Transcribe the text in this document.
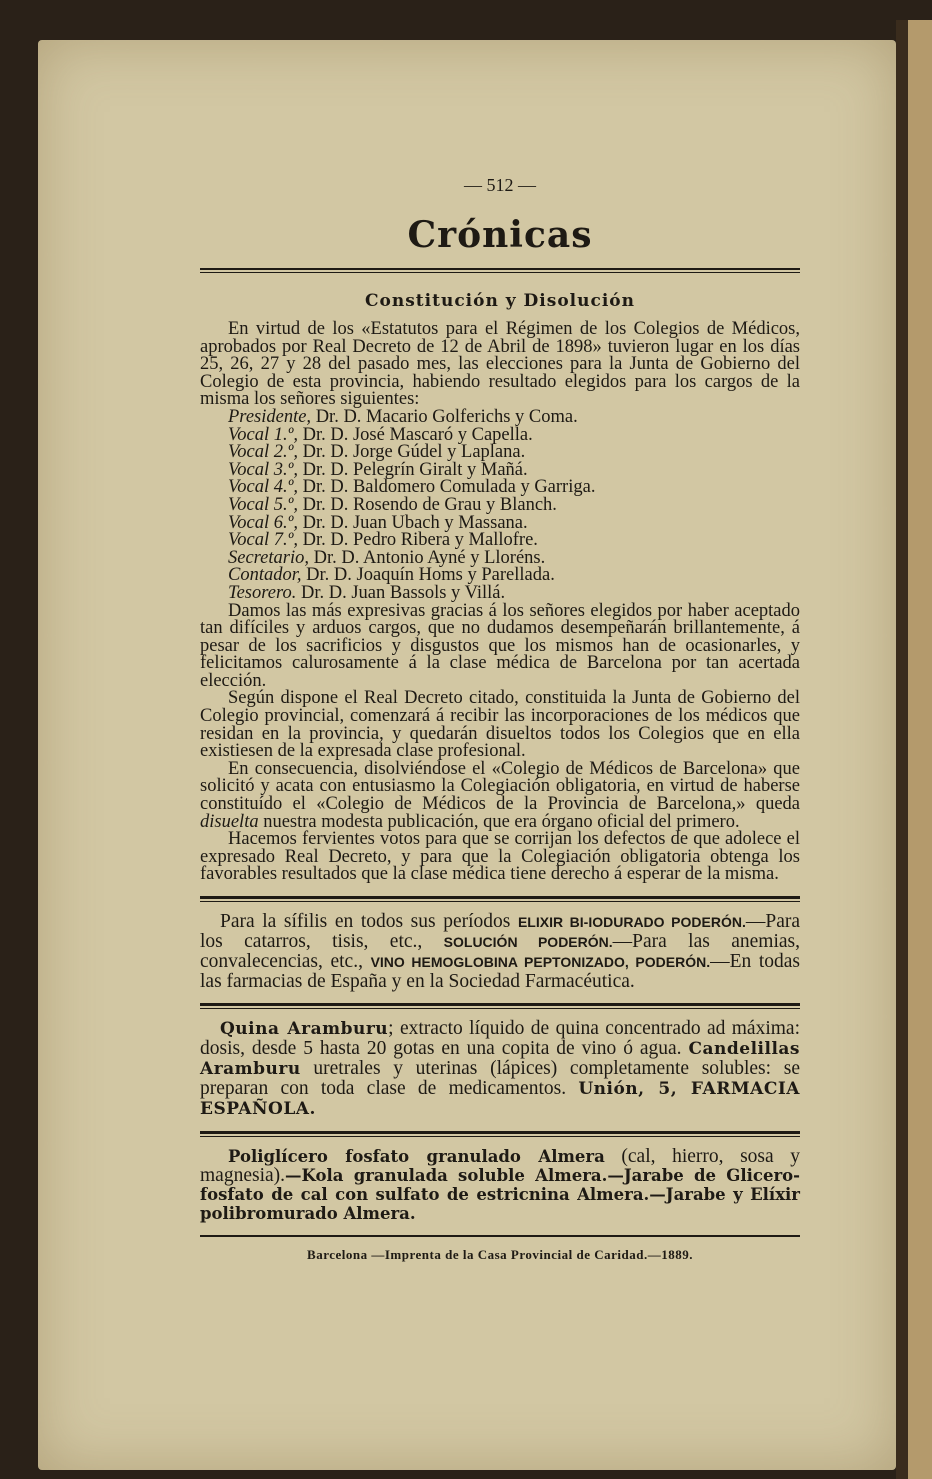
— 512 —
Crónicas
Constitución y Disolución

En virtud de los «Estatutos para el Régimen de los Colegios de Médicos, aprobados por Real Decreto de 12 de Abril de 1898» tuvieron lugar en los días 25, 26, 27 y 28 del pasado mes, las elecciones para la Junta de Gobierno del Colegio de esta provincia, habiendo resultado elegidos para los cargos de la misma los señores siguientes:

Presidente, Dr. D. Macario Golferichs y Coma.
Vocal 1.º, Dr. D. José Mascaró y Capella.
Vocal 2.º, Dr. D. Jorge Gúdel y Laplana.
Vocal 3.º, Dr. D. Pelegrín Giralt y Mañá.
Vocal 4.º, Dr. D. Baldomero Comulada y Garriga.
Vocal 5.º, Dr. D. Rosendo de Grau y Blanch.
Vocal 6.º, Dr. D. Juan Ubach y Massana.
Vocal 7.º, Dr. D. Pedro Ribera y Mallofre.
Secretario, Dr. D. Antonio Ayné y Lloréns.
Contador, Dr. D. Joaquín Homs y Parellada.
Tesorero. Dr. D. Juan Bassols y Villá.

Damos las más expresivas gracias á los señores elegidos por haber aceptado tan difíciles y arduos cargos, que no dudamos desempeñarán brillantemente, á pesar de los sacrificios y disgustos que los mismos han de ocasionarles, y felicitamos calurosamente á la clase médica de Barcelona por tan acertada elección.

Según dispone el Real Decreto citado, constituida la Junta de Gobierno del Colegio provincial, comenzará á recibir las incorporaciones de los médicos que residan en la provincia, y quedarán disueltos todos los Colegios que en ella existiesen de la expresada clase profesional.

En consecuencia, disolviéndose el «Colegio de Médicos de Barcelona» que solicitó y acata con entusiasmo la Colegiación obligatoria, en virtud de haberse constituído el «Colegio de Médicos de la Provincia de Barcelona,» queda disuelta nuestra modesta publicación, que era órgano oficial del primero.

Hacemos fervientes votos para que se corrijan los defectos de que adolece el expresado Real Decreto, y para que la Colegiación obligatoria obtenga los favorables resultados que la clase médica tiene derecho á esperar de la misma.

Para la sífilis en todos sus períodos ELIXIR BI-IODURADO PODERÓN.—Para los catarros, tisis, etc., SOLUCIÓN PODERÓN.—Para las anemias, convalecencias, etc., VINO HEMOGLOBINA PEPTONIZADO, PODERÓN.—En todas las farmacias de España y en la Sociedad Farmacéutica.

Quina Aramburu; extracto líquido de quina concentrado ad máxima: dosis, desde 5 hasta 20 gotas en una copita de vino ó agua. Candelillas Aramburu uretrales y uterinas (lápices) completamente solubles: se preparan con toda clase de medicamentos. Unión, 5, FARMACIA ESPAÑOLA.

Poliglícero fosfato granulado Almera (cal, hierro, sosa y magnesia).—Kola granulada soluble Almera.—Jarabe de Glicero-fosfato de cal con sulfato de estricnina Almera.—Jarabe y Elíxir polibromurado Almera.

Barcelona —Imprenta de la Casa Provincial de Caridad.—1889.
